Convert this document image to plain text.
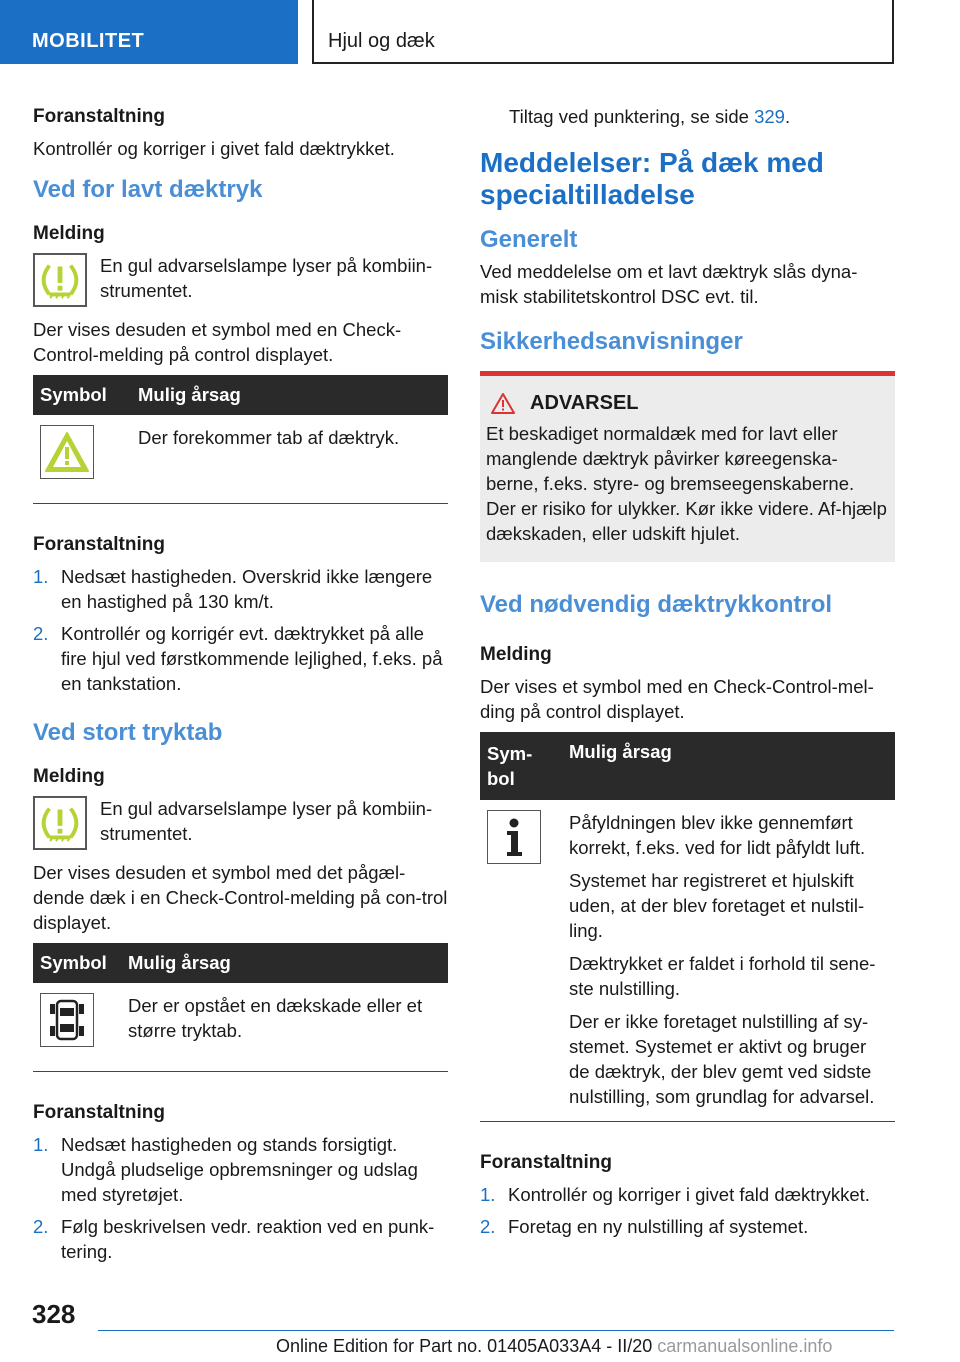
MOBILITET	Hjul og dæk
Foranstaltning
Kontrollér og korriger i givet fald dæktrykket.
Ved for lavt dæktryk
Melding
En gul advarselslampe lyser på kombiin-strumentet.
Der vises desuden et symbol med en Check-Control-melding på control displayet.
Symbol	Mulig årsag
	Der forekommer tab af dæktryk.
Foranstaltning
1. Nedsæt hastigheden. Overskrid ikke længere en hastighed på 130 km/t.
2. Kontrollér og korrigér evt. dæktrykket på alle fire hjul ved førstkommende lejlighed, f.eks. på en tankstation.
Ved stort tryktab
Melding
En gul advarselslampe lyser på kombiin-strumentet.
Der vises desuden et symbol med det pågæl-dende dæk i en Check-Control-melding på con-trol displayet.
Symbol	Mulig årsag
	Der er opstået en dækskade eller et større tryktab.
Foranstaltning
1. Nedsæt hastigheden og stands forsigtigt. Undgå pludselige opbremsninger og udslag med styretøjet.
2. Følg beskrivelsen vedr. reaktion ved en punk-tering.
Tiltag ved punktering, se side 329.
Meddelelser: På dæk med specialtilladelse
Generelt
Ved meddelelse om et lavt dæktryk slås dyna-misk stabilitetskontrol DSC evt. til.
Sikkerhedsanvisninger
ADVARSEL
Et beskadiget normaldæk med for lavt eller manglende dæktryk påvirker køreegenska-berne, f.eks. styre- og bremseegenskaberne. Der er risiko for ulykker. Kør ikke videre. Af-hjælp dækskaden, eller udskift hjulet.
Ved nødvendig dæktrykkontrol
Melding
Der vises et symbol med en Check-Control-mel-ding på control displayet.
Sym-bol	Mulig årsag

Påfyldningen blev ikke gennemført korrekt, f.eks. ved for lidt påfyldt luft.
Systemet har registreret et hjulskift uden, at der blev foretaget et nulstil-ling.
Dæktrykket er faldet i forhold til sene-ste nulstilling.
Der er ikke foretaget nulstilling af sy-stemet. Systemet er aktivt og bruger de dæktryk, der blev gemt ved sidste nulstilling, som grundlag for advarsel.
Foranstaltning
1. Kontrollér og korriger i givet fald dæktrykket.
2. Foretag en ny nulstilling af systemet.
328
Online Edition for Part no. 01405A033A4 - II/20 carmanualsonline.info
